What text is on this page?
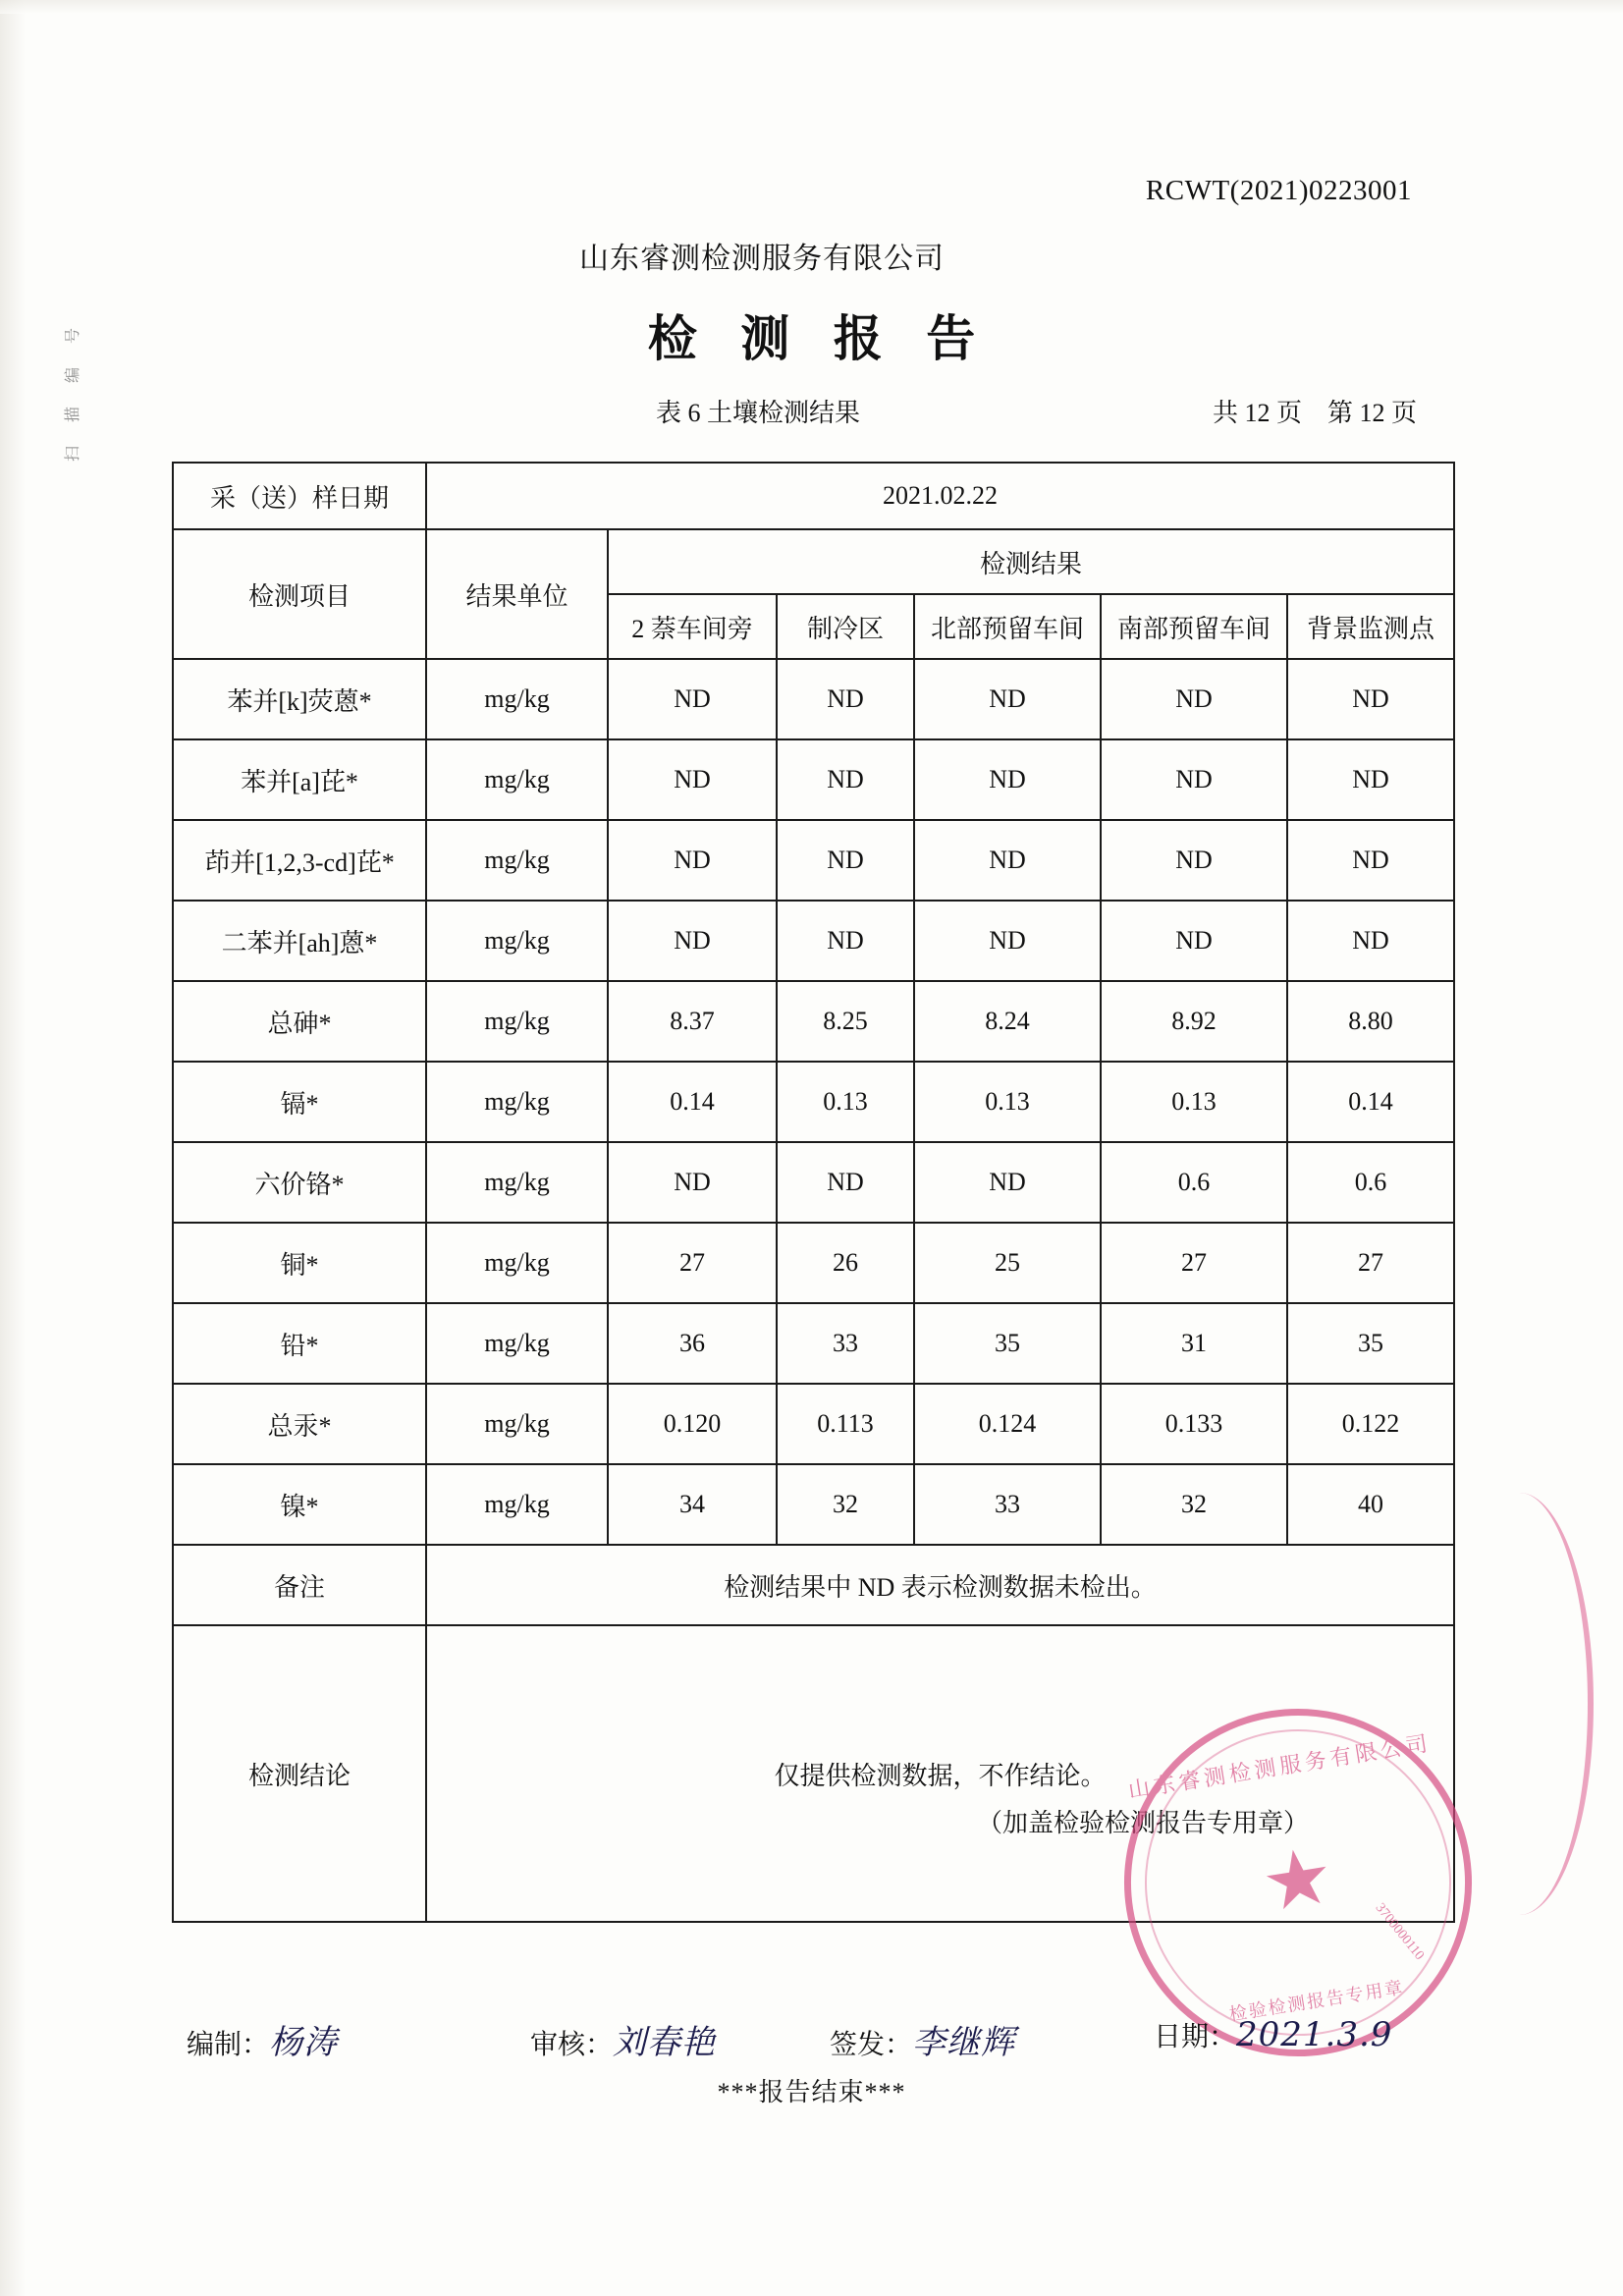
扫 描 编 号
RCWT(2021)0223001
山东睿测检测服务有限公司
检 测 报 告
表 6 土壤检测结果	共 12 页 第 12 页
采（送）样日期	2021.02.22					
检测项目	结果单位	检测结果				
		2 萘车间旁	制冷区	北部预留车间	南部预留车间	背景监测点
苯并[k]荧蒽*	mg/kg	ND	ND	ND	ND	ND
苯并[a]芘*	mg/kg	ND	ND	ND	ND	ND
茚并[1,2,3-cd]芘*	mg/kg	ND	ND	ND	ND	ND
二苯并[ah]蒽*	mg/kg	ND	ND	ND	ND	ND
总砷*	mg/kg	8.37	8.25	8.24	8.92	8.80
镉*	mg/kg	0.14	0.13	0.13	0.13	0.14
六价铬*	mg/kg	ND	ND	ND	0.6	0.6
铜*	mg/kg	27	26	25	27	27
铅*	mg/kg	36	33	35	31	35
总汞*	mg/kg	0.120	0.113	0.124	0.133	0.122
镍*	mg/kg	34	32	33	32	40
备注	检测结果中 ND 表示检测数据未检出。					
检测结论	仅提供检测数据，不作结论。
（加盖检验检测报告专用章）					
山东睿测检测服务有限公司
★
检验检测报告专用章
3700000110
编制：杨涛	审核：刘春艳	签发：李继辉	日期：2021.3.9
***报告结束***
